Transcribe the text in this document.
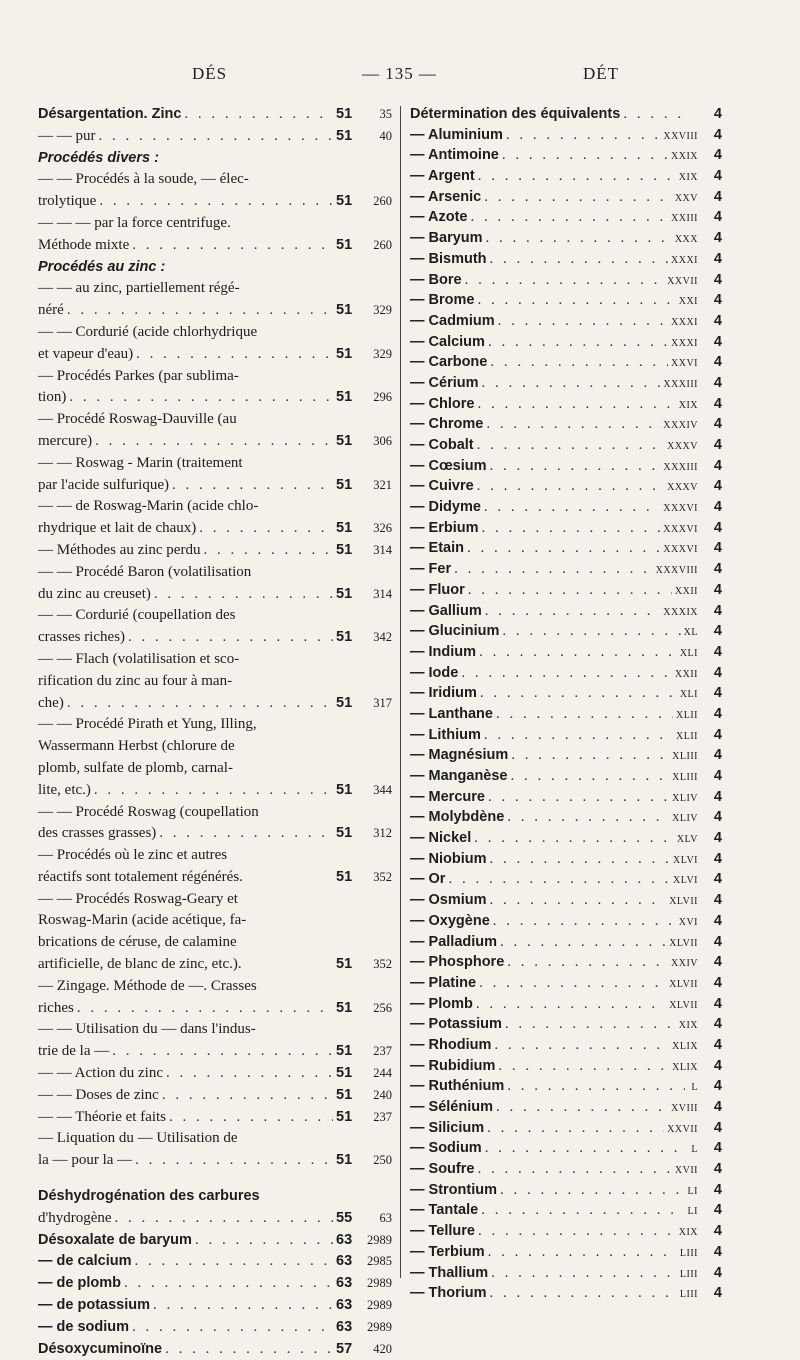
DÉS	— 135 —	DÉT
Désargentation. Zinc . . .	51	35
— — pur . . .	51	40
Procédés divers :
— — Procédés à la soude, — élec-
trolytique . . .	51	260
— — — par la force centrifuge.
Méthode mixte . . .	51	260
Procédés au zinc :
— — au zinc, partiellement régé-
néré . . .	51	329
— — Cordurié (acide chlorhydrique
et vapeur d'eau) . . .	51	329
— Procédés Parkes (par sublima-
tion) . . .	51	296
— Procédé Roswag-Dauville (au
mercure) . . .	51	306
— — Roswag - Marin (traitement
par l'acide sulfurique) . . .	51	321
— — de Roswag-Marin (acide chlo-
rhydrique et lait de chaux) . . .	51	326
— Méthodes au zinc perdu . . .	51	314
— — Procédé Baron (volatilisation
du zinc au creuset) . . .	51	314
— — Cordurié (coupellation des
crasses riches) . . .	51	342
— — Flach (volatilisation et sco-
rification du zinc au four à man-
che) . . .	51	317
— — Procédé Pirath et Yung, Illing,
Wassermann Herbst (chlorure de
plomb, sulfate de plomb, carnal-
lite, etc.) . . .	51	344
— — Procédé Roswag (coupellation
des crasses grasses) . . .	51	312
— Procédés où le zinc et autres
réactifs sont totalement régénérés.	51	352
— — Procédés Roswag-Geary et
Roswag-Marin (acide acétique, fa-
brications de céruse, de calamine
artificielle, de blanc de zinc, etc.).	51	352
— Zingage. Méthode de —. Crasses
riches . . .	51	256
— — Utilisation du — dans l'indus-
trie de la — . . .	51	237
— — Action du zinc . . .	51	244
— — Doses de zinc . . .	51	240
— — Théorie et faits . . .	51	237
— Liquation du — Utilisation de
la — pour la — . . .	51	250
Déshydrogénation des carbures
d'hydrogène . . .	55	63
Désoxalate de baryum . . .	63	2989
— de calcium . . .	63	2985
— de plomb . . .	63	2989
— de potassium . . .	63	2989
— de sodium . . .	63	2989
Désoxycuminoïne . . .	57	420
Détermination des équivalents . . .	4
— Aluminium . . .	XXVIII	4
— Antimoine . . .	XXIX	4
— Argent . . .	XIX	4
— Arsenic . . .	XXV	4
— Azote . . .	XXIII	4
— Baryum . . .	XXX	4
— Bismuth . . .	XXXI	4
— Bore . . .	XXVII	4
— Brome . . .	XXI	4
— Cadmium . . .	XXXI	4
— Calcium . . .	XXXI	4
— Carbone . . .	XXVI	4
— Cérium . . .	XXXIII	4
— Chlore . . .	XIX	4
— Chrome . . .	XXXIV	4
— Cobalt . . .	XXXV	4
— Cœsium . . .	XXXIII	4
— Cuivre . . .	XXXV	4
— Didyme . . .	XXXVI	4
— Erbium . . .	XXXVI	4
— Etain . . .	XXXVI	4
— Fer . . .	XXXVIII	4
— Fluor . . .	XXII	4
— Gallium . . .	XXXIX	4
— Glucinium . . .	XL	4
— Indium . . .	XLI	4
— Iode . . .	XXII	4
— Iridium . . .	XLI	4
— Lanthane . . .	XLII	4
— Lithium . . .	XLII	4
— Magnésium . . .	XLIII	4
— Manganèse . . .	XLIII	4
— Mercure . . .	XLIV	4
— Molybdène . . .	XLIV	4
— Nickel . . .	XLV	4
— Niobium . . .	XLVI	4
— Or . . .	XLVI	4
— Osmium . . .	XLVII	4
— Oxygène . . .	XVI	4
— Palladium . . .	XLVII	4
— Phosphore . . .	XXIV	4
— Platine . . .	XLVII	4
— Plomb . . .	XLVII	4
— Potassium . . .	XIX	4
— Rhodium . . .	XLIX	4
— Rubidium . . .	XLIX	4
— Ruthénium . . .	L	4
— Sélénium . . .	XVIII	4
— Silicium . . .	XXVII	4
— Sodium . . .	L	4
— Soufre . . .	XVII	4
— Strontium . . .	LI	4
— Tantale . . .	LI	4
— Tellure . . .	XIX	4
— Terbium . . .	LIII	4
— Thallium . . .	LIII	4
— Thorium . . .	LIII	4
